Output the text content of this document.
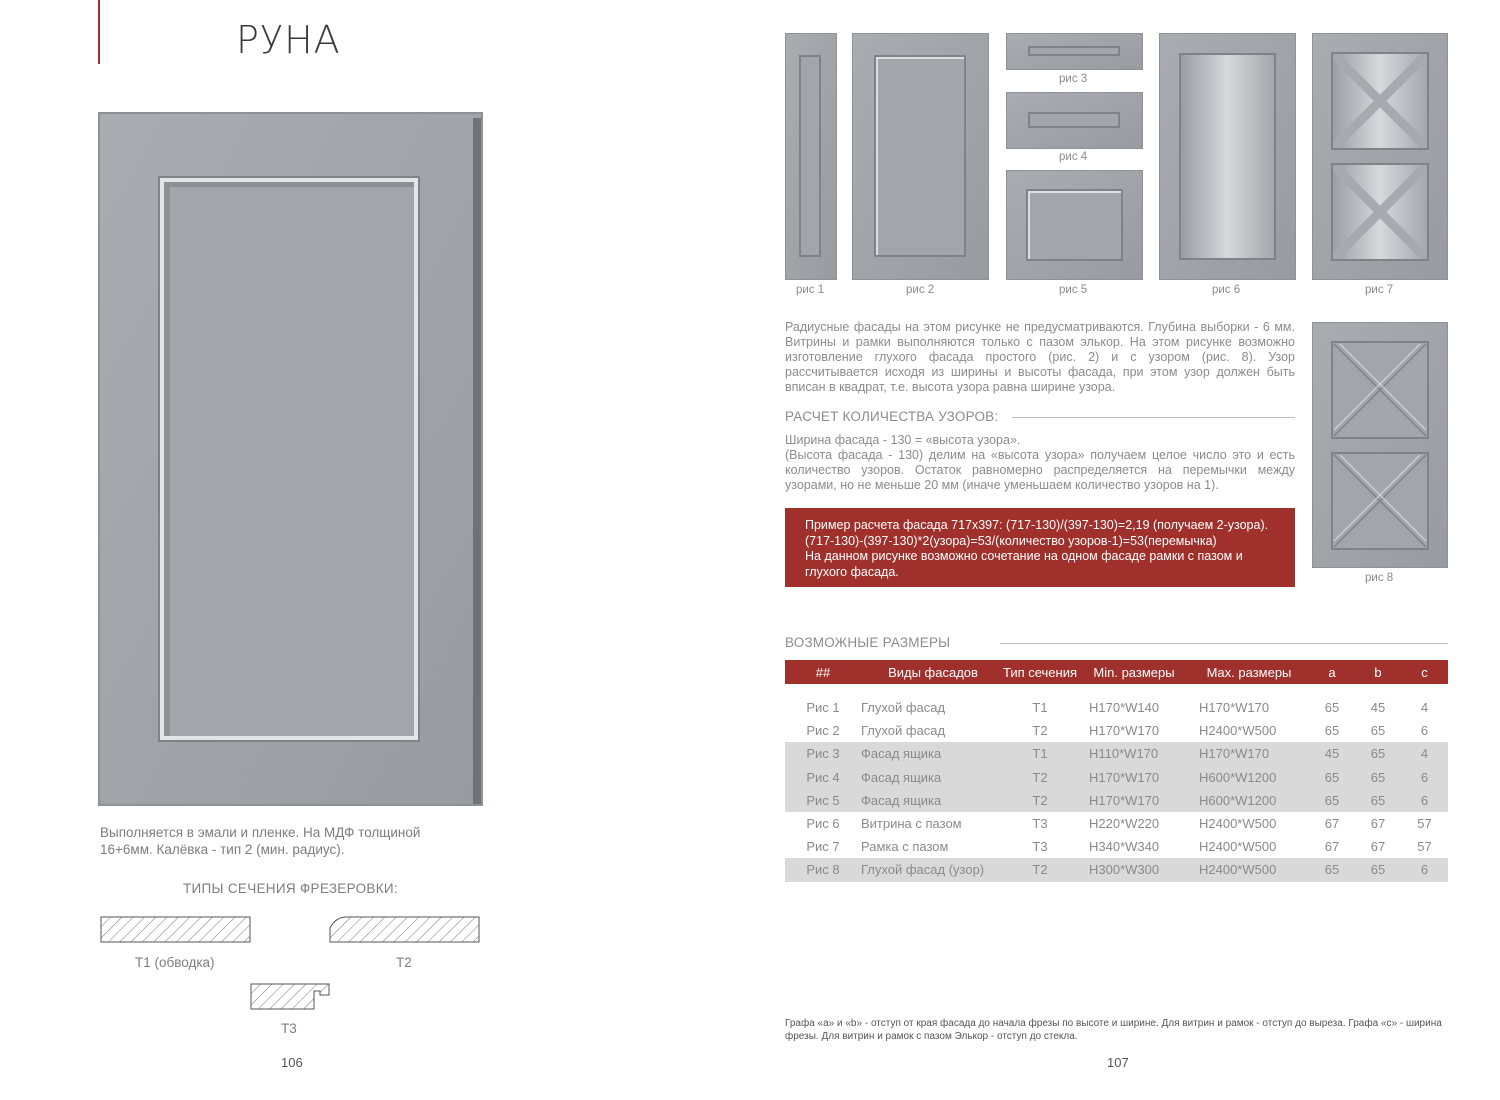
РУНА
Выполняется в эмали и пленке. На МДФ толщиной 16+6мм. Калёвка - тип 2 (мин. радиус).
ТИПЫ СЕЧЕНИЯ ФРЕЗЕРОВКИ:
Т1 (обводка)	Т2
Т3
106
рис 1	рис 2
рис 3
рис 4
рис 5	рис 6	рис 7
рис 8
Радиусные фасады на этом рисунке не предусматриваются. Глубина выборки - 6 мм. Витрины и рамки выполняются только с пазом элькор. На этом рисунке возможно изготовление глухого фасада простого (рис. 2) и с узором (рис. 8). Узор рассчитывается исходя из ширины и высоты фасада, при этом узор должен быть вписан в квадрат, т.е. высота узора равна ширине узора.
РАСЧЕТ КОЛИЧЕСТВА УЗОРОВ:
Ширина фасада - 130 = «высота узора».
(Высота фасада - 130) делим на «высота узора» получаем целое число это и есть количество узоров. Остаток равномерно распределяется на перемычки между узорами, но не меньше 20 мм (иначе уменьшаем количество узоров на 1).
Пример расчета фасада 717х397: (717-130)/(397-130)=2,19 (получаем 2-узора).
(717-130)-(397-130)*2(узора)=53/(количество узоров-1)=53(перемычка)
На данном рисунке возможно сочетание на одном фасаде рамки с пазом и глухого фасада.
ВОЗМОЖНЫЕ РАЗМЕРЫ
##	Виды фасадов	Тип сечения	Min. размеры	Max. размеры	a	b	c
Рис 1	Глухой фасад	Т1	H170*W140	H170*W170	65	45	4
Рис 2	Глухой фасад	Т2	H170*W170	H2400*W500	65	65	6
Рис 3	Фасад ящика	Т1	H110*W170	H170*W170	45	65	4
Рис 4	Фасад ящика	Т2	H170*W170	H600*W1200	65	65	6
Рис 5	Фасад ящика	Т2	H170*W170	H600*W1200	65	65	6
Рис 6	Витрина с пазом	Т3	H220*W220	H2400*W500	67	67	57
Рис 7	Рамка с пазом	Т3	H340*W340	H2400*W500	67	67	57
Рис 8	Глухой фасад (узор)	Т2	H300*W300	H2400*W500	65	65	6
Графа «а» и «b» - отступ от края фасада до начала фрезы по высоте и ширине. Для витрин и рамок - отступ до выреза. Графа «с» - ширина фрезы. Для витрин и рамок с пазом Элькор - отступ до стекла.
107
